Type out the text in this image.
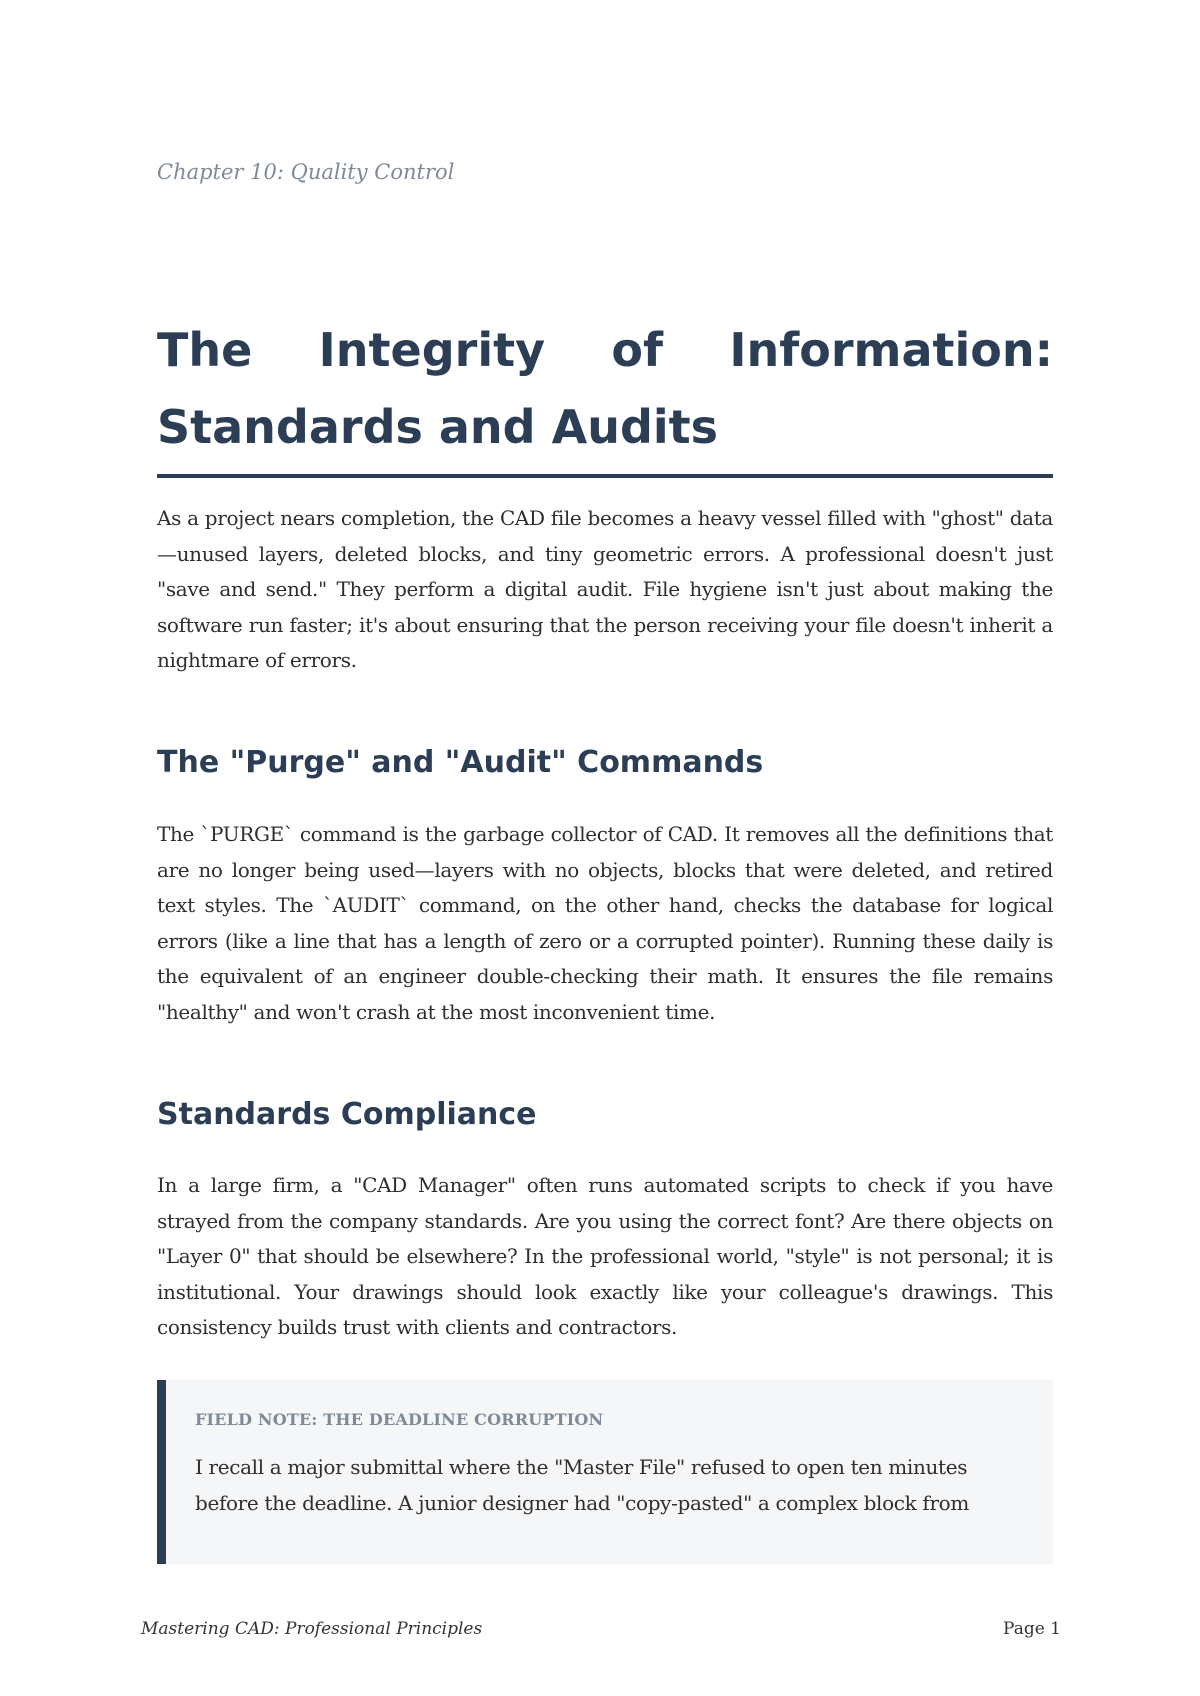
Chapter 10: Quality Control

The Integrity of Information: Standards and Audits

As a project nears completion, the CAD file becomes a heavy vessel filled with "ghost" data—unused layers, deleted blocks, and tiny geometric errors. A professional doesn't just "save and send." They perform a digital audit. File hygiene isn't just about making the software run faster; it's about ensuring that the person receiving your file doesn't inherit a nightmare of errors.

The "Purge" and "Audit" Commands

The `PURGE` command is the garbage collector of CAD. It removes all the definitions that are no longer being used—layers with no objects, blocks that were deleted, and retired text styles. The `AUDIT` command, on the other hand, checks the database for logical errors (like a line that has a length of zero or a corrupted pointer). Running these daily is the equivalent of an engineer double-checking their math. It ensures the file remains "healthy" and won't crash at the most inconvenient time.

Standards Compliance

In a large firm, a "CAD Manager" often runs automated scripts to check if you have strayed from the company standards. Are you using the correct font? Are there objects on "Layer 0" that should be elsewhere? In the professional world, "style" is not personal; it is institutional. Your drawings should look exactly like your colleague's drawings. This consistency builds trust with clients and contractors.

FIELD NOTE: THE DEADLINE CORRUPTION

I recall a major submittal where the "Master File" refused to open ten minutes before the deadline. A junior designer had "copy-pasted" a complex block from

Mastering CAD: Professional Principles	Page 1
